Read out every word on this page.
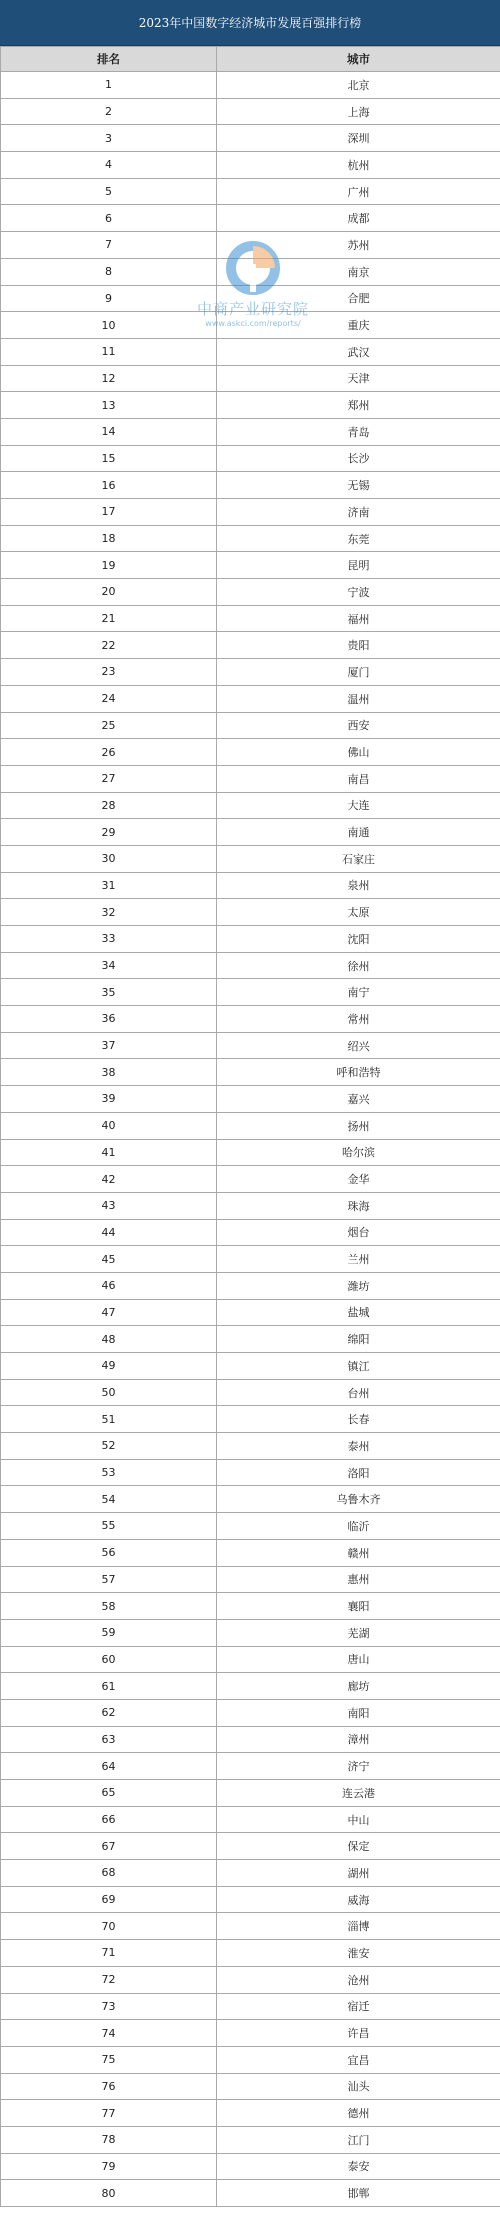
2023年中国数字经济城市发展百强排行榜
排名	城市
1	北京
2	上海
3	深圳
4	杭州
5	广州
6	成都
7	苏州
8	南京
9	合肥
10	重庆
11	武汉
12	天津
13	郑州
14	青岛
15	长沙
16	无锡
17	济南
18	东莞
19	昆明
20	宁波
21	福州
22	贵阳
23	厦门
24	温州
25	西安
26	佛山
27	南昌
28	大连
29	南通
30	石家庄
31	泉州
32	太原
33	沈阳
34	徐州
35	南宁
36	常州
37	绍兴
38	呼和浩特
39	嘉兴
40	扬州
41	哈尔滨
42	金华
43	珠海
44	烟台
45	兰州
46	潍坊
47	盐城
48	绵阳
49	镇江
50	台州
51	长春
52	泰州
53	洛阳
54	乌鲁木齐
55	临沂
56	赣州
57	惠州
58	襄阳
59	芜湖
60	唐山
61	廊坊
62	南阳
63	漳州
64	济宁
65	连云港
66	中山
67	保定
68	湖州
69	威海
70	淄博
71	淮安
72	沧州
73	宿迁
74	许昌
75	宜昌
76	汕头
77	德州
78	江门
79	泰安
80	邯郸
中商产业研究院
www.askci.com/reports/
